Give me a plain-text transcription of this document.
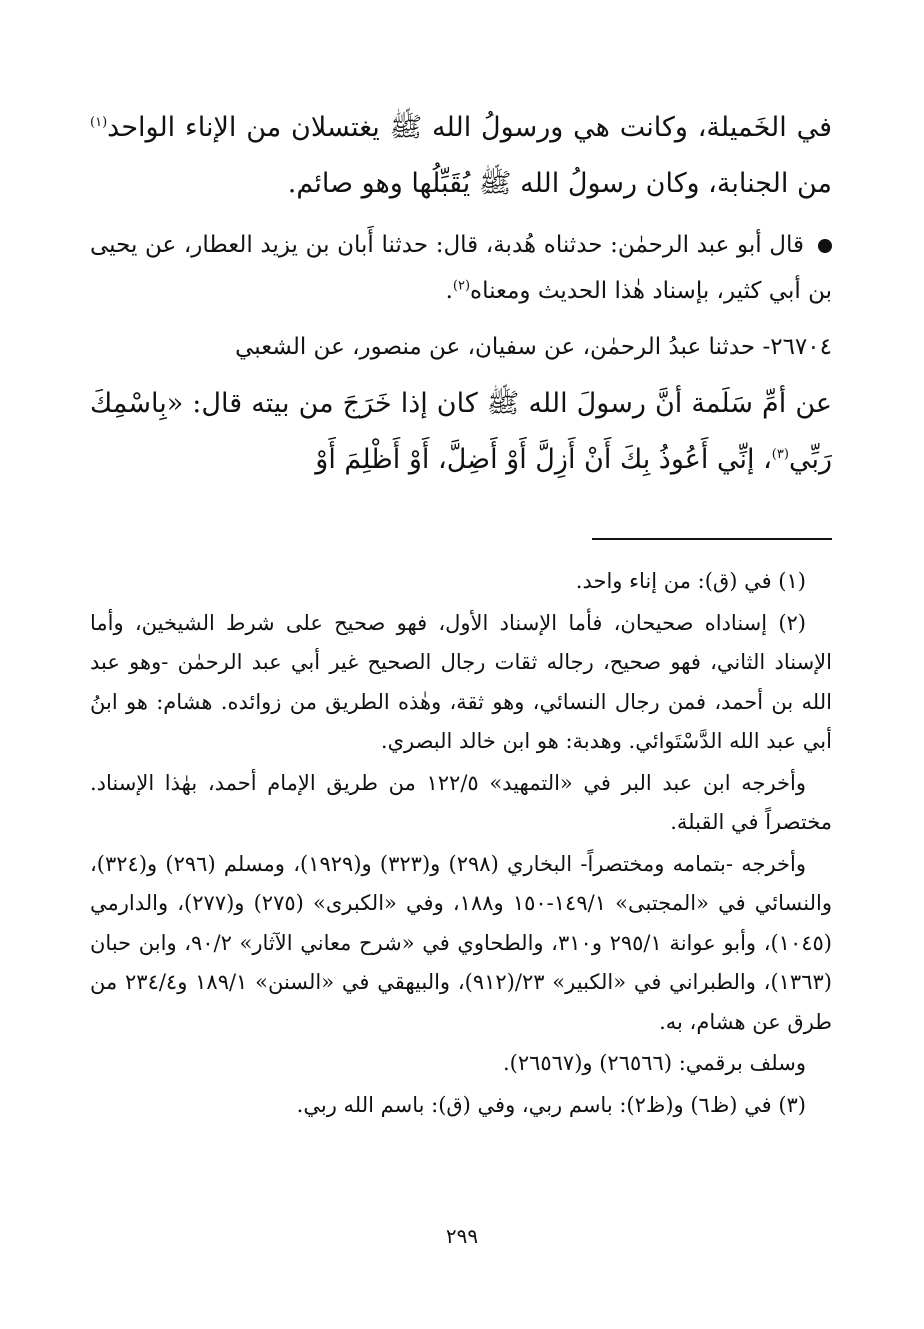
في الخَميلة، وكانت هي ورسولُ الله ﷺ يغتسلان من الإناء الواحد$^{(١)}$ من الجنابة، وكان رسولُ الله ﷺ يُقَبِّلُها وهو صائم.

قال أبو عبد الرحمٰن: حدثناه هُدبة، قال: حدثنا أَبان بن يزيد العطار، عن يحيى بن أبي كثير، بإسناد هٰذا الحديث ومعناه$^{(٢)}$.

٢٦٧٠٤- حدثنا عبدُ الرحمٰن، عن سفيان، عن منصور، عن الشعبي

عن أمِّ سَلَمة أنَّ رسولَ الله ﷺ كان إذا خَرَجَ من بيته قال: «بِاسْمِكَ رَبِّي$^{(٣)}$، إنِّي أَعُوذُ بِكَ أَنْ أَزِلَّ أَوْ أَضِلَّ، أَوْ أَظْلِمَ أَوْ

(١) في (ق): من إناء واحد.

(٢) إسناداه صحيحان، فأما الإسناد الأول، فهو صحيح على شرط الشيخين، وأما الإسناد الثاني، فهو صحيح، رجاله ثقات رجال الصحيح غير أبي عبد الرحمٰن -وهو عبد الله بن أحمد، فمن رجال النسائي، وهو ثقة، وهٰذه الطريق من زوائده. هشام: هو ابنُ أبي عبد الله الدَّسْتَوائي. وهدبة: هو ابن خالد البصري.

وأخرجه ابن عبد البر في «التمهيد» ١٢٢/٥ من طريق الإمام أحمد، بهٰذا الإسناد. مختصراً في القبلة.

وأخرجه -بتمامه ومختصراً- البخاري (٢٩٨) و(٣٢٣) و(١٩٢٩)، ومسلم (٢٩٦) و(٣٢٤)، والنسائي في «المجتبى» ١٤٩/١-١٥٠ و١٨٨، وفي «الكبرى» (٢٧٥) و(٢٧٧)، والدارمي (١٠٤٥)، وأبو عوانة ٢٩٥/١ و٣١٠، والطحاوي في «شرح معاني الآثار» ٩٠/٢، وابن حبان (١٣٦٣)، والطبراني في «الكبير» ٢٣/(٩١٢)، والبيهقي في «السنن» ١٨٩/١ و٢٣٤/٤ من طرق عن هشام، به.

وسلف برقمي: (٢٦٥٦٦) و(٢٦٥٦٧).

(٣) في (ظ٦) و(ظ٢): باسم ربي، وفي (ق): باسم الله ربي.

٢٩٩
